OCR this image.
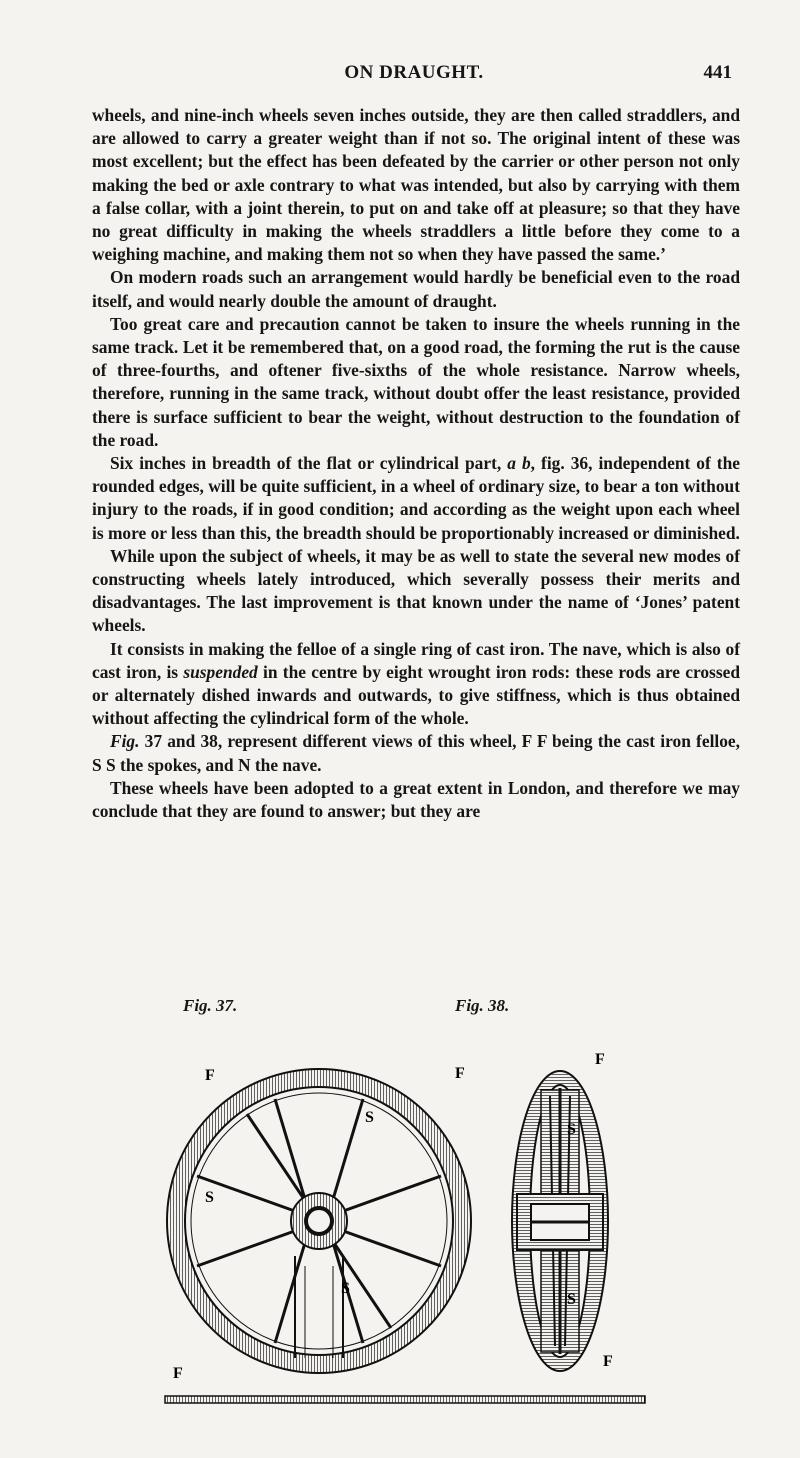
ON DRAUGHT.	441

wheels, and nine-inch wheels seven inches outside, they are then called straddlers, and are allowed to carry a greater weight than if not so. The original intent of these was most excellent; but the effect has been defeated by the carrier or other person not only making the bed or axle contrary to what was intended, but also by carrying with them a false collar, with a joint therein, to put on and take off at pleasure; so that they have no great difficulty in making the wheels straddlers a little before they come to a weighing machine, and making them not so when they have passed the same.’

On modern roads such an arrangement would hardly be beneficial even to the road itself, and would nearly double the amount of draught.

Too great care and precaution cannot be taken to insure the wheels running in the same track. Let it be remembered that, on a good road, the forming the rut is the cause of three-fourths, and oftener five-sixths of the whole resistance. Narrow wheels, therefore, running in the same track, without doubt offer the least resistance, provided there is surface sufficient to bear the weight, without destruction to the foundation of the road.

Six inches in breadth of the flat or cylindrical part, a b, fig. 36, independent of the rounded edges, will be quite sufficient, in a wheel of ordinary size, to bear a ton without injury to the roads, if in good condition; and according as the weight upon each wheel is more or less than this, the breadth should be proportionably increased or diminished.

While upon the subject of wheels, it may be as well to state the several new modes of constructing wheels lately introduced, which severally possess their merits and disadvantages. The last improvement is that known under the name of ‘Jones’ patent wheels.

It consists in making the felloe of a single ring of cast iron. The nave, which is also of cast iron, is suspended in the centre by eight wrought iron rods: these rods are crossed or alternately dished inwards and outwards, to give stiffness, which is thus obtained without affecting the cylindrical form of the whole.

Fig. 37 and 38, represent different views of this wheel, F F being the cast iron felloe, S S the spokes, and N the nave.

These wheels have been adopted to a great extent in London, and therefore we may conclude that they are found to answer; but they are

Fig. 37.	Fig. 38.
F	F
F
S
S
S
F
F
S
S
